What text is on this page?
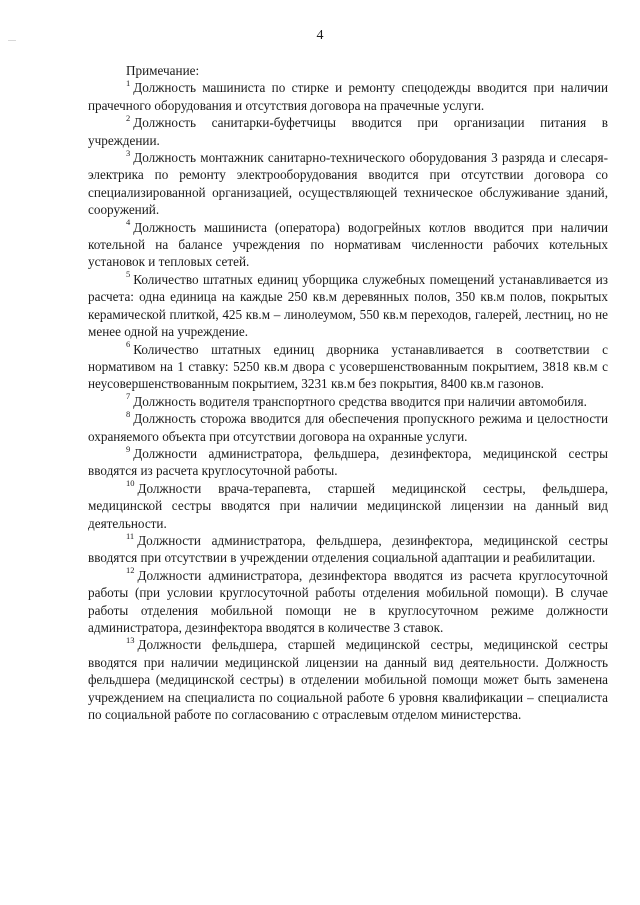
4

Примечание:

$^1$ Должность машиниста по стирке и ремонту спецодежды вводится при наличии прачечного оборудования и отсутствия договора на прачечные услуги.

$^2$ Должность санитарки-буфетчицы вводится при организации питания в учреждении.

$^3$ Должность монтажник санитарно-технического оборудования 3 разряда и слесаря-электрика по ремонту электрооборудования вводится при отсутствии договора со специализированной организацией, осуществляющей техническое обслуживание зданий, сооружений.

$^4$ Должность машиниста (оператора) водогрейных котлов вводится при наличии котельной на балансе учреждения по нормативам численности рабочих котельных установок и тепловых сетей.

$^5$ Количество штатных единиц уборщика служебных помещений устанавливается из расчета: одна единица на каждые 250 кв.м деревянных полов, 350 кв.м полов, покрытых керамической плиткой, 425 кв.м – линолеумом, 550 кв.м переходов, галерей, лестниц, но не менее одной на учреждение.

$^6$ Количество штатных единиц дворника устанавливается в соответствии с нормативом на 1 ставку: 5250 кв.м двора с усовершенствованным покрытием, 3818 кв.м с неусовершенствованным покрытием, 3231 кв.м без покрытия, 8400 кв.м газонов.

$^7$ Должность водителя транспортного средства вводится при наличии автомобиля.

$^8$ Должность сторожа вводится для обеспечения пропускного режима и целостности охраняемого объекта при отсутствии договора на охранные услуги.

$^9$ Должности администратора, фельдшера, дезинфектора, медицинской сестры вводятся из расчета круглосуточной работы.

$^{10}$ Должности врача-терапевта, старшей медицинской сестры, фельдшера, медицинской сестры вводятся при наличии медицинской лицензии на данный вид деятельности.

$^{11}$ Должности администратора, фельдшера, дезинфектора, медицинской сестры вводятся при отсутствии в учреждении отделения социальной адаптации и реабилитации.

$^{12}$ Должности администратора, дезинфектора вводятся из расчета круглосуточной работы (при условии круглосуточной работы отделения мобильной помощи). В случае работы отделения мобильной помощи не в круглосуточном режиме должности администратора, дезинфектора вводятся в количестве 3 ставок.

$^{13}$ Должности фельдшера, старшей медицинской сестры, медицинской сестры вводятся при наличии медицинской лицензии на данный вид деятельности. Должность фельдшера (медицинской сестры) в отделении мобильной помощи может быть заменена учреждением на специалиста по социальной работе 6 уровня квалификации – специалиста по социальной работе по согласованию с отраслевым отделом министерства.
